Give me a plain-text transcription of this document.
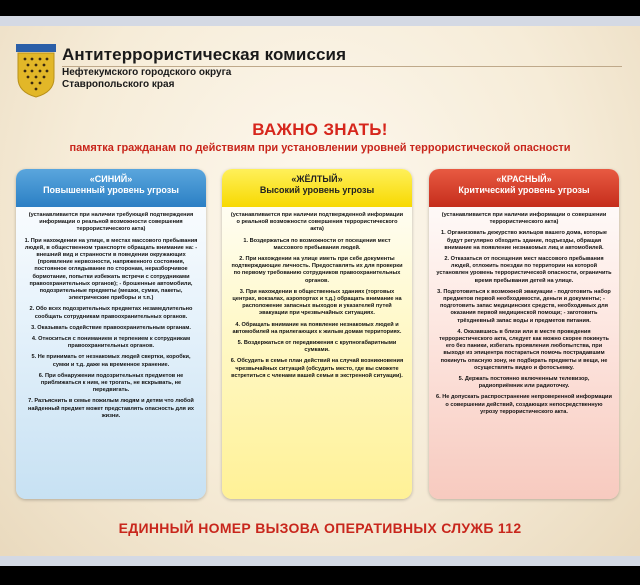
Антитеррористическая комиссия
Нефтекумского городского округа
Ставропольского края
ВАЖНО ЗНАТЬ!
памятка гражданам по действиям при установлении уровней террористической опасности
«СИНИЙ»
Повышенный уровень угрозы

(устанавливается при наличии требующей подтверждения информации о реальной возможности совершения террористического акта)

1. При нахождении на улице, в местах массового пребывания людей, в общественном транспорте обращать внимание на: - внешний вид и странности в поведении окружающих (проявление нервозности, напряженного состояния, постоянное оглядывание по сторонам, неразборчивое бормотание, попытки избежать встречи с сотрудниками правоохранительных органов); - брошенные автомобили, подозрительные предметы (мешки, сумки, пакеты, электрические приборы и т.п.)

2. Обо всех подозрительных предметах незамедлительно сообщать сотрудникам правоохранительных органов.

3. Оказывать содействие правоохранительным органам.

4. Относиться с пониманием и терпением к сотрудникам правоохранительных органов.

5. Не принимать от незнакомых людей свертки, коробки, сумки и т.д. даже на временное хранение.

6. При обнаружении подозрительных предметов не приближаться к ним, не трогать, не вскрывать, не передвигать.

7. Разъяснить в семье пожилым людям и детям что любой найденный предмет может представлять опасность для их жизни.

«ЖЁЛТЫЙ»
Высокий уровень угрозы

(устанавливается при наличии подтвержденной информации о реальной возможности совершения террористического акта)

1. Воздержаться по возможности от посещения мест массового пребывания людей.

2. При нахождении на улице иметь при себе документы подтверждающие личность. Предоставлять их для проверки по первому требованию сотрудников правоохранительных органов.

3. При нахождении в общественных зданиях (торговых центрах, вокзалах, аэропортах и т.д.) обращать внимание на расположение запасных выходов и указателей путей эвакуации при чрезвычайных ситуациях.

4. Обращать внимание на появление незнакомых людей и автомобилей на прилегающих к жилым домам территориях.

5. Воздержаться от передвижения с крупногабаритными сумками.

6. Обсудить в семье план действий на случай возникновения чрезвычайных ситуаций (обсудить место, где вы сможете встретиться с членами вашей семьи в экстренной ситуации).

«КРАСНЫЙ»
Критический уровень угрозы

(устанавливается при наличии информации о совершении террористического акта)

1. Организовать дежурство жильцов вашего дома, которые будут регулярно обходить здание, подъезды, обращая внимание на появление незнакомых лиц и автомобилей.

2. Отказаться от посещения мест массового пребывания людей, отложить поездки по территории на которой установлен уровень террористической опасности, ограничить время пребывания детей на улице.

3. Подготовиться к возможной эвакуации - подготовить набор предметов первой необходимости, деньги и документы; - подготовить запас медицинских средств, необходимых для оказания первой медицинской помощи; - заготовить трёхдневный запас воды и предметов питания.

4. Оказавшись в близи или в месте проведения террористического акта, следует как можно скорее покинуть его без паники, избегать проявления любопытства, при выходе из эпицентра постараться помочь пострадавшим покинуть опасную зону, не подбирать предметы и вещи, не осуществлять видео и фотосъемку.

5. Держать постоянно включенным телевизор, радиоприёмник или радиоточку.

6. Не допускать распространение непроверенной информации о совершении действий, создающих непосредственную угрозу террористического акта.

ЕДИННЫЙ НОМЕР ВЫЗОВА ОПЕРАТИВНЫХ СЛУЖБ 112
